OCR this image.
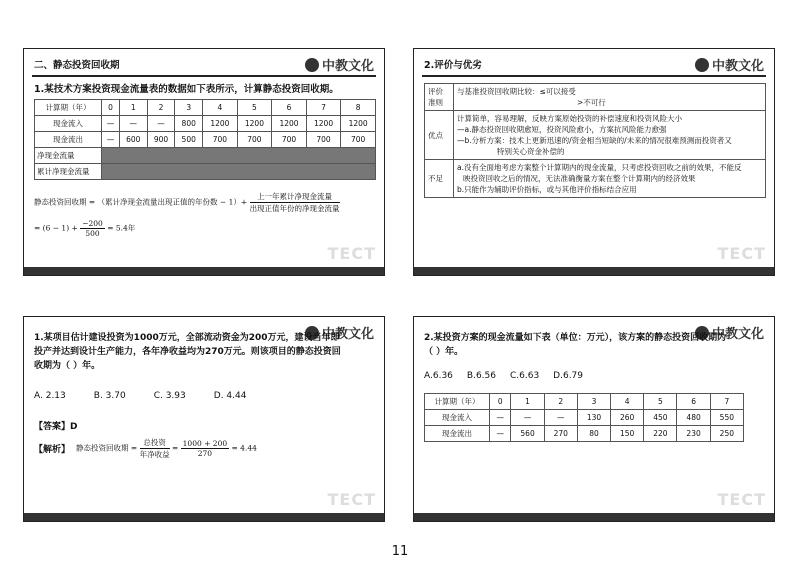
中教文化
二、静态投资回收期
1.某技术方案投资现金流量表的数据如下表所示，计算静态投资回收期。
计算期（年）	0	1	2	3	4	5	6	7	8
现金流入	—	—	—	800	1200	1200	1200	1200	1200
现金流出	—	600	900	500	700	700	700	700	700
净现金流量									
累计净现金流量									
静态投资回收期 = （累计净现金流量出现正值的年份数 − $1)+ \frac{\text{上一年累计净现金流量}}{\text{出现正值年份的净现金流量}}$
= $(6 - 1) + \frac{-200}{500} = 5.4$年
TECT
中教文化
2.评价与优劣
评价准则	与基准投资回收期比较：≤可以接受
>不可行

优点	计算简单，容易理解，反映方案原始投资的补偿速度和投资风险大小
—a.静态投资回收期愈短，投资风险愈小，方案抗风险能力愈强
—b.分析方案：技术上更新迅速的/资金相当短缺的/未来的情况很难预测而投资者又
特别关心资金补偿的

不足	a.没有全面地考虑方案整个计算期内的现金流量，只考虑投资回收之前的效果，不能反
映投资回收之后的情况，无法准确衡量方案在整个计算期内的经济效果
b.只能作为辅助评价指标，或与其他评价指标结合应用
TECT
中教文化
1.某项目估计建设投资为1000万元，全部流动资金为200万元，建设当年即投产并达到设计生产能力，各年净收益均为270万元。则该项目的静态投资回收期为（ ）年。
A. 2.13	B. 3.70	C. 3.93	D. 4.44
【答案】D
【解析】 静态投资回收期 = $\frac{\text{总投资}}{\text{年净收益}} = \frac{1000 + 200}{270} = 4.44$
TECT
中教文化
2.某投资方案的现金流量如下表（单位：万元），该方案的静态投资回收期为（ ）年。
A.6.36 B.6.56 C.6.63 D.6.79
计算期（年）	0	1	2	3	4	5	6	7
现金流入	—	—	—	130	260	450	480	550
现金流出	—	560	270	80	150	220	230	250
TECT
11
